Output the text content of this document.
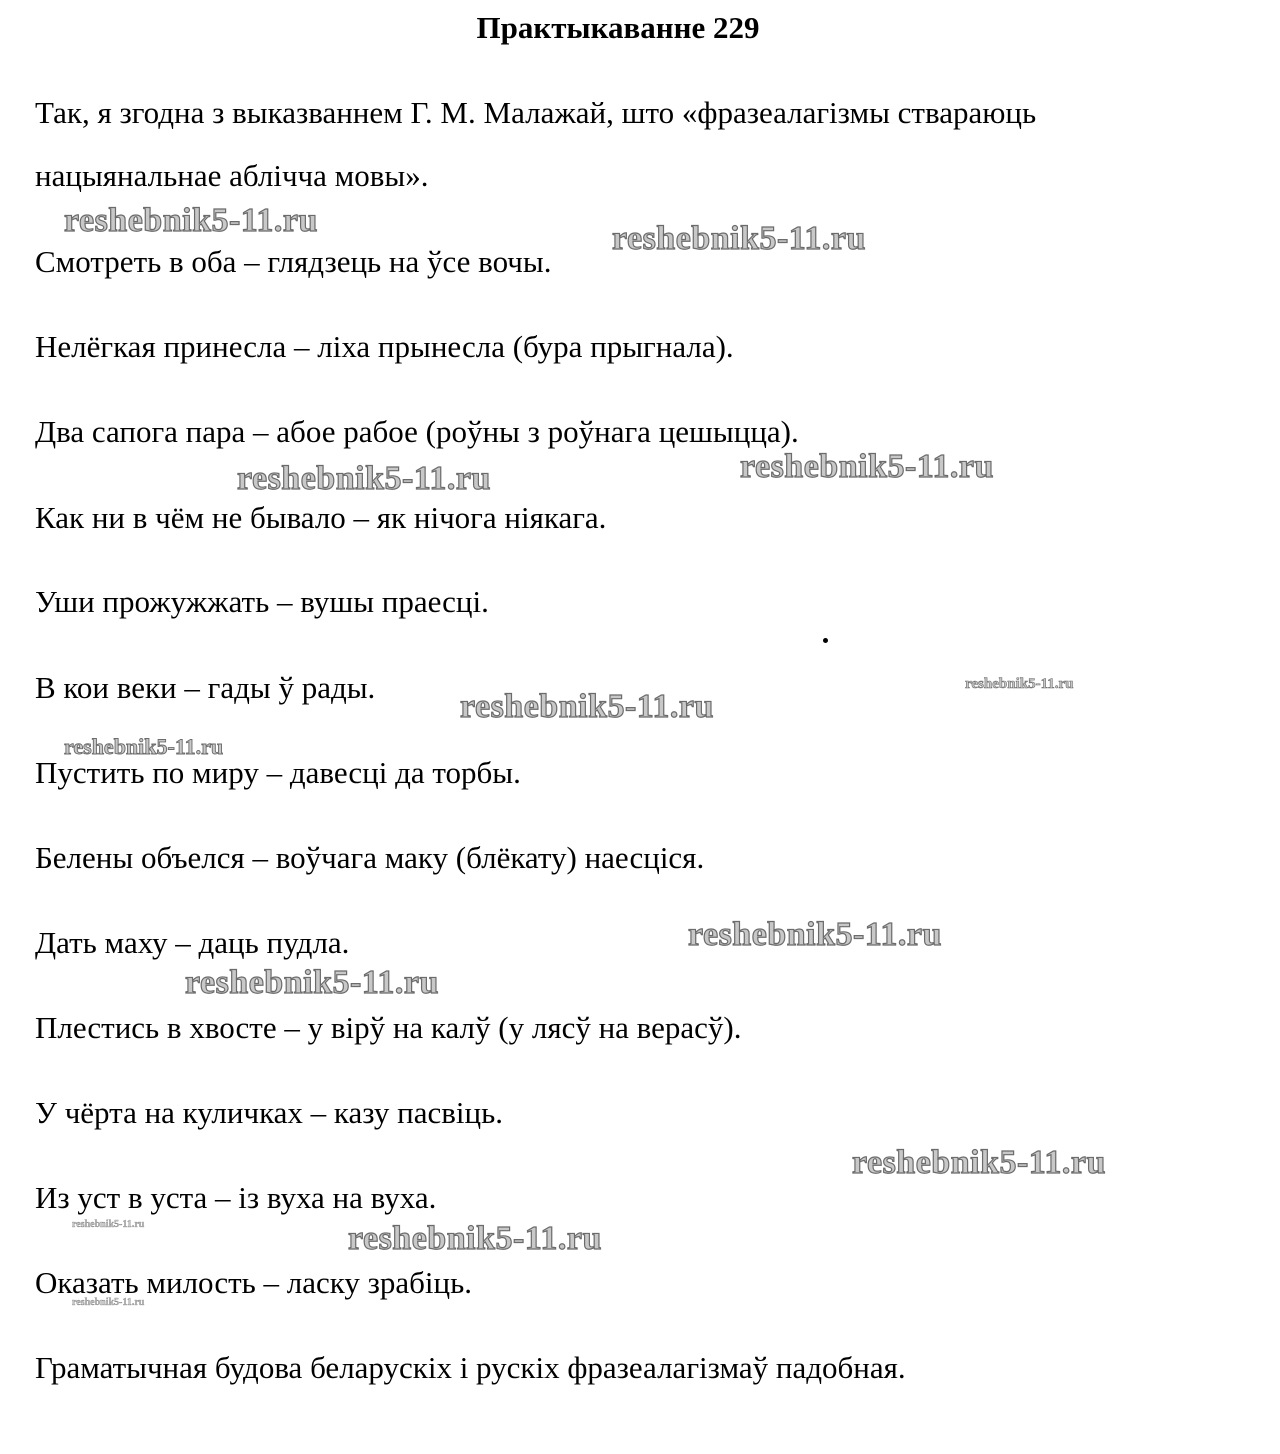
Практыкаванне 229
Так, я згодна з выказваннем Г. М. Малажай, што «фразеалагізмы ствараюць
нацыянальнае аблічча мовы».
Смотреть в оба – глядзець на ўсе вочы.
Нелёгкая принесла – ліха прынесла (бура прыгнала).
Два сапога пара – абое рабое (роўны з роўнага цешыцца).
Как ни в чём не бывало – як нічога ніякага.
Уши прожужжать – вушы праесці.
В кои веки – гады ў рады.
Пустить по миру – давесці да торбы.
Белены объелся – воўчага маку (блёкату) наесціся.
Дать маху – даць пудла.
Плестись в хвосте – у вірў на калў (у лясў на верасў).
У чёрта на куличках – казу пасвіць.
Из уст в уста – із вуха на вуха.
Оказать милость – ласку зрабіць.
Граматычная будова беларускіх і рускіх фразеалагізмаў падобная.
reshebnik5-11.ru	reshebnik5-11.ru
reshebnik5-11.ru	reshebnik5-11.ru
reshebnik5-11.ru
reshebnik5-11.ru
reshebnik5-11.ru
reshebnik5-11.ru
reshebnik5-11.ru
reshebnik5-11.ru
reshebnik5-11.ru	reshebnik5-11.ru
reshebnik5-11.ru
